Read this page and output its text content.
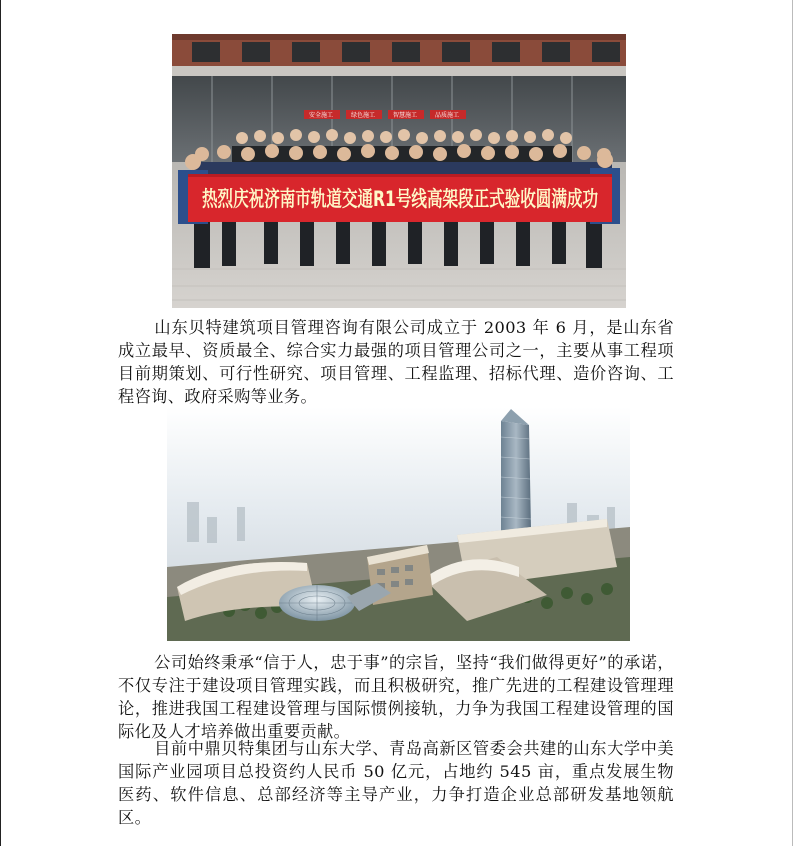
安全施工	绿色施工	智慧施工	品质施工
热烈庆祝济南市轨道交通R1号线高架段正式验收圆满成功

山东贝特建筑项目管理咨询有限公司成立于 2003 年 6 月，是山东省成立最早、资质最全、综合实力最强的项目管理公司之一，主要从事工程项目前期策划、可行性研究、项目管理、工程监理、招标代理、造价咨询、工程咨询、政府采购等业务。

公司始终秉承“信于人，忠于事”的宗旨，坚持“我们做得更好”的承诺，不仅专注于建设项目管理实践，而且积极研究，推广先进的工程建设管理理论，推进我国工程建设管理与国际惯例接轨，力争为我国工程建设管理的国际化及人才培养做出重要贡献。

目前中鼎贝特集团与山东大学、青岛高新区管委会共建的山东大学中美国际产业园项目总投资约人民币 50 亿元，占地约 545 亩，重点发展生物医药、软件信息、总部经济等主导产业，力争打造企业总部研发基地领航区。
